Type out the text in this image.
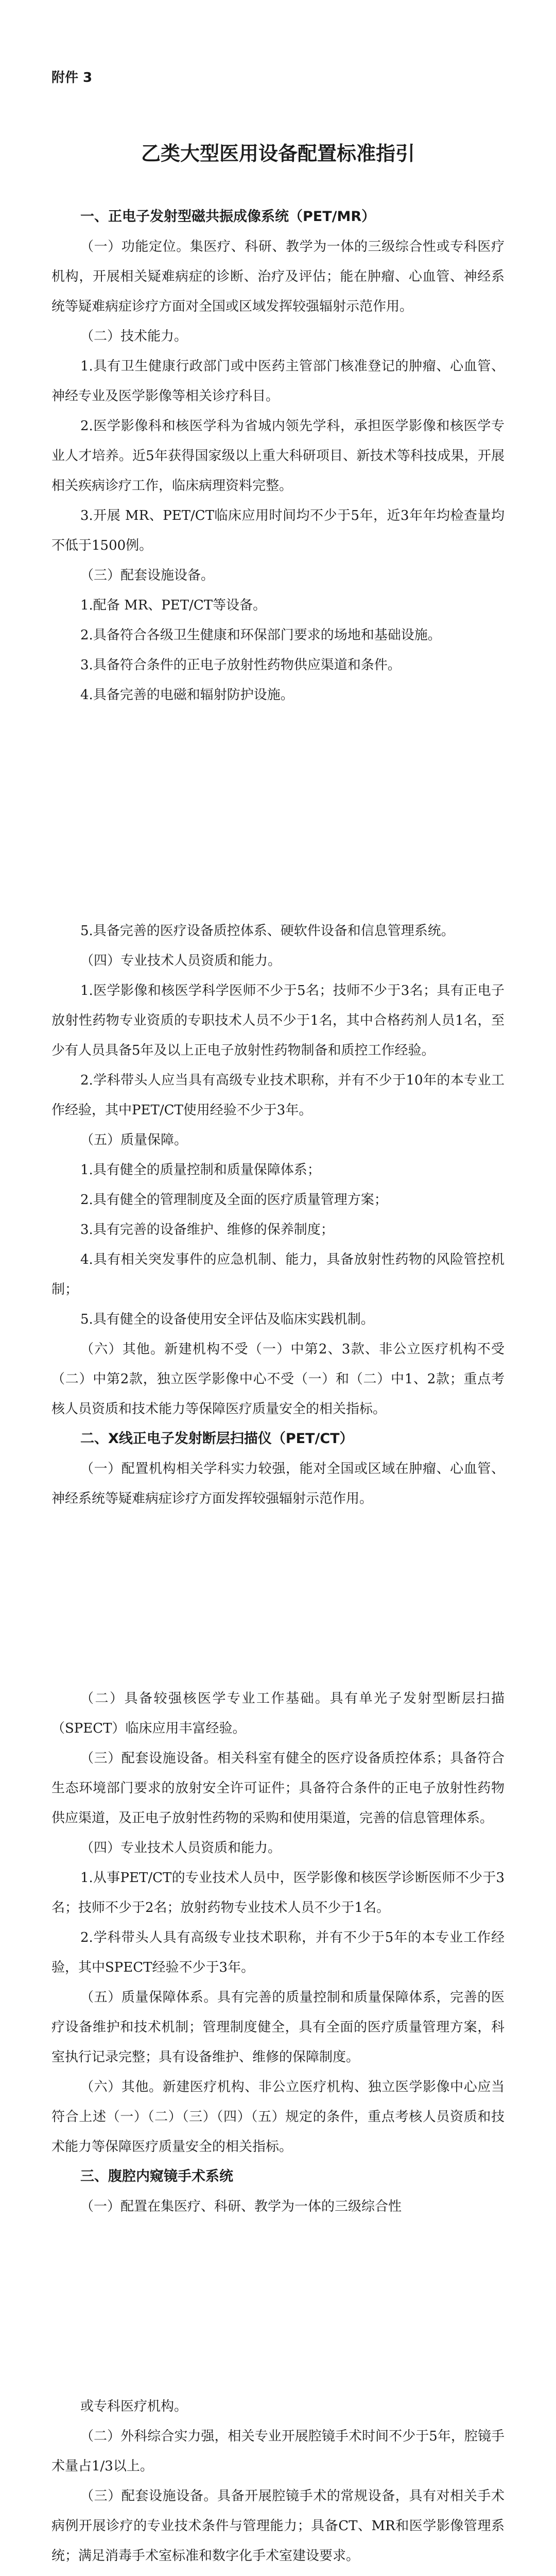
附件 3
乙类大型医用设备配置标准指引
一、正电子发射型磁共振成像系统（PET/MR）

（一）功能定位。集医疗、科研、教学为一体的三级综合性或专科医疗机构，开展相关疑难病症的诊断、治疗及评估；能在肿瘤、心血管、神经系统等疑难病症诊疗方面对全国或区域发挥较强辐射示范作用。

（二）技术能力。

1.具有卫生健康行政部门或中医药主管部门核准登记的肿瘤、心血管、神经专业及医学影像等相关诊疗科目。

2.医学影像科和核医学科为省城内领先学科，承担医学影像和核医学专业人才培养。近5年获得国家级以上重大科研项目、新技术等科技成果，开展相关疾病诊疗工作，临床病理资料完整。

3.开展 MR、PET/CT临床应用时间均不少于5年，近3年年均检查量均不低于1500例。

（三）配套设施设备。

1.配备 MR、PET/CT等设备。

2.具备符合各级卫生健康和环保部门要求的场地和基础设施。

3.具备符合条件的正电子放射性药物供应渠道和条件。

4.具备完善的电磁和辐射防护设施。

5.具备完善的医疗设备质控体系、硬软件设备和信息管理系统。

（四）专业技术人员资质和能力。

1.医学影像和核医学科学医师不少于5名；技师不少于3名；具有正电子放射性药物专业资质的专职技术人员不少于1名，其中合格药剂人员1名，至少有人员具备5年及以上正电子放射性药物制备和质控工作经验。

2.学科带头人应当具有高级专业技术职称，并有不少于10年的本专业工作经验，其中PET/CT使用经验不少于3年。

（五）质量保障。

1.具有健全的质量控制和质量保障体系；

2.具有健全的管理制度及全面的医疗质量管理方案；

3.具有完善的设备维护、维修的保养制度；

4.具有相关突发事件的应急机制、能力，具备放射性药物的风险管控机制；

5.具有健全的设备使用安全评估及临床实践机制。

（六）其他。新建机构不受（一）中第2、3款、非公立医疗机构不受（二）中第2款，独立医学影像中心不受（一）和（二）中1、2款；重点考核人员资质和技术能力等保障医疗质量安全的相关指标。

二、X线正电子发射断层扫描仪（PET/CT）

（一）配置机构相关学科实力较强，能对全国或区域在肿瘤、心血管、神经系统等疑难病症诊疗方面发挥较强辐射示范作用。

（二）具备较强核医学专业工作基础。具有单光子发射型断层扫描（SPECT）临床应用丰富经验。

（三）配套设施设备。相关科室有健全的医疗设备质控体系；具备符合生态环境部门要求的放射安全许可证件；具备符合条件的正电子放射性药物供应渠道，及正电子放射性药物的采购和使用渠道，完善的信息管理体系。

（四）专业技术人员资质和能力。

1.从事PET/CT的专业技术人员中，医学影像和核医学诊断医师不少于3名；技师不少于2名；放射药物专业技术人员不少于1名。

2.学科带头人具有高级专业技术职称，并有不少于5年的本专业工作经验，其中SPECT经验不少于3年。

（五）质量保障体系。具有完善的质量控制和质量保障体系，完善的医疗设备维护和技术机制；管理制度健全，具有全面的医疗质量管理方案，科室执行记录完整；具有设备维护、维修的保障制度。

（六）其他。新建医疗机构、非公立医疗机构、独立医学影像中心应当符合上述（一）（二）（三）（四）（五）规定的条件，重点考核人员资质和技术能力等保障医疗质量安全的相关指标。

三、腹腔内窥镜手术系统

（一）配置在集医疗、科研、教学为一体的三级综合性

或专科医疗机构。

（二）外科综合实力强，相关专业开展腔镜手术时间不少于5年，腔镜手术量占1/3以上。

（三）配套设施设备。具备开展腔镜手术的常规设备，具有对相关手术病例开展诊疗的专业技术条件与管理能力；具备CT、MR和医学影像管理系统；满足消毒手术室标准和数字化手术室建设要求。
